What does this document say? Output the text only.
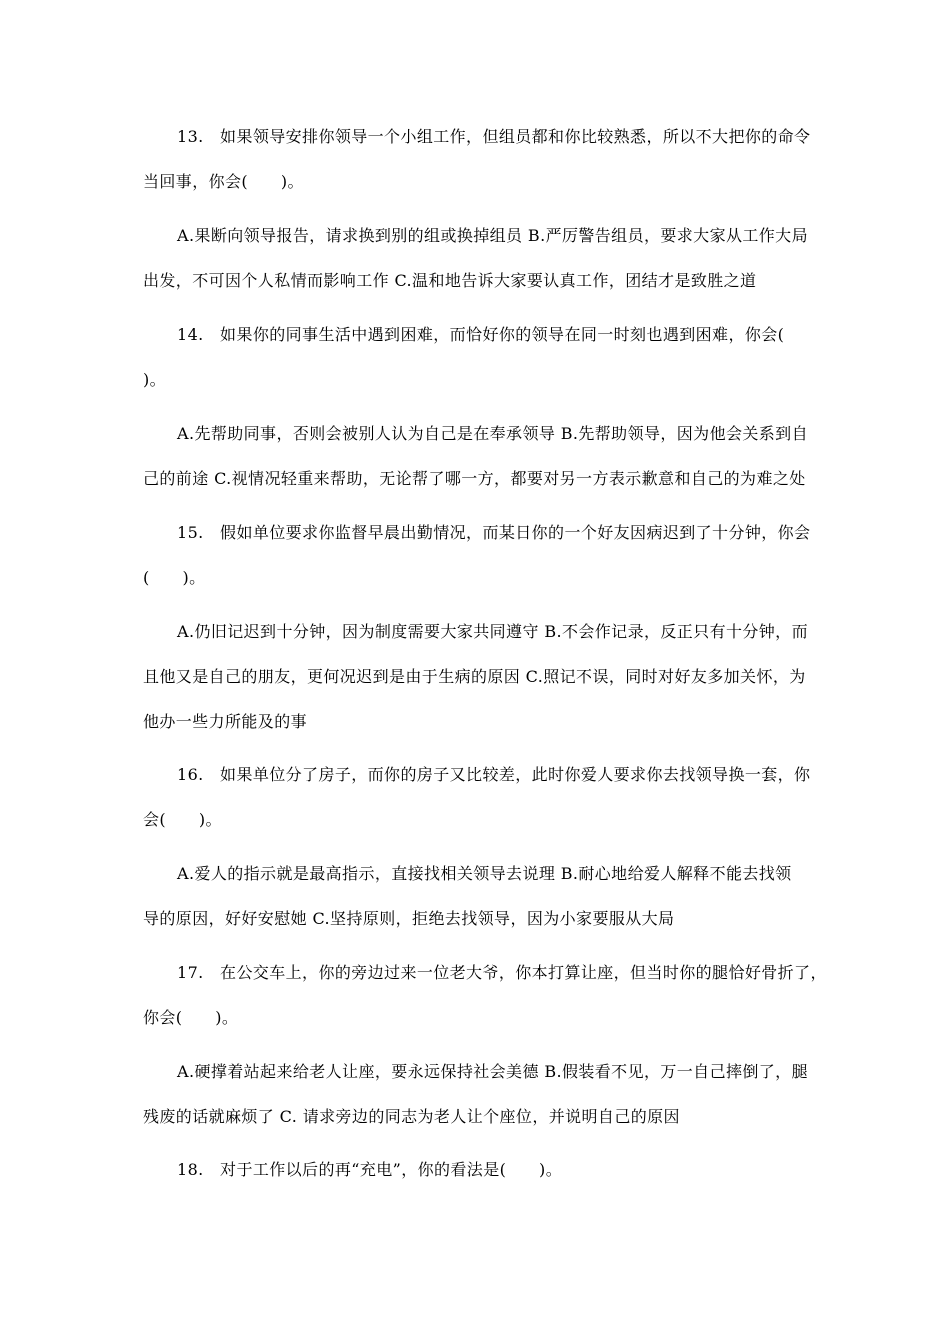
13.　如果领导安排你领导一个小组工作，但组员都和你比较熟悉，所以不大把你的命令
当回事，你会(　　)。
A.果断向领导报告，请求换到别的组或换掉组员 B.严厉警告组员，要求大家从工作大局
出发，不可因个人私情而影响工作 C.温和地告诉大家要认真工作，团结才是致胜之道
14.　如果你的同事生活中遇到困难，而恰好你的领导在同一时刻也遇到困难，你会(
)。
A.先帮助同事，否则会被别人认为自己是在奉承领导 B.先帮助领导，因为他会关系到自
己的前途 C.视情况轻重来帮助，无论帮了哪一方，都要对另一方表示歉意和自己的为难之处
15.　假如单位要求你监督早晨出勤情况，而某日你的一个好友因病迟到了十分钟，你会
(　　)。
A.仍旧记迟到十分钟，因为制度需要大家共同遵守 B.不会作记录，反正只有十分钟，而
且他又是自己的朋友，更何况迟到是由于生病的原因 C.照记不误，同时对好友多加关怀，为
他办一些力所能及的事
16.　如果单位分了房子，而你的房子又比较差，此时你爱人要求你去找领导换一套，你
会(　　)。
A.爱人的指示就是最高指示，直接找相关领导去说理 B.耐心地给爱人解释不能去找领
导的原因，好好安慰她 C.坚持原则，拒绝去找领导，因为小家要服从大局
17.　在公交车上，你的旁边过来一位老大爷，你本打算让座，但当时你的腿恰好骨折了，
你会(　　)。
A.硬撑着站起来给老人让座，要永远保持社会美德 B.假装看不见，万一自己摔倒了，腿
残废的话就麻烦了 C. 请求旁边的同志为老人让个座位，并说明自己的原因
18.　对于工作以后的再“充电”，你的看法是(　　)。
